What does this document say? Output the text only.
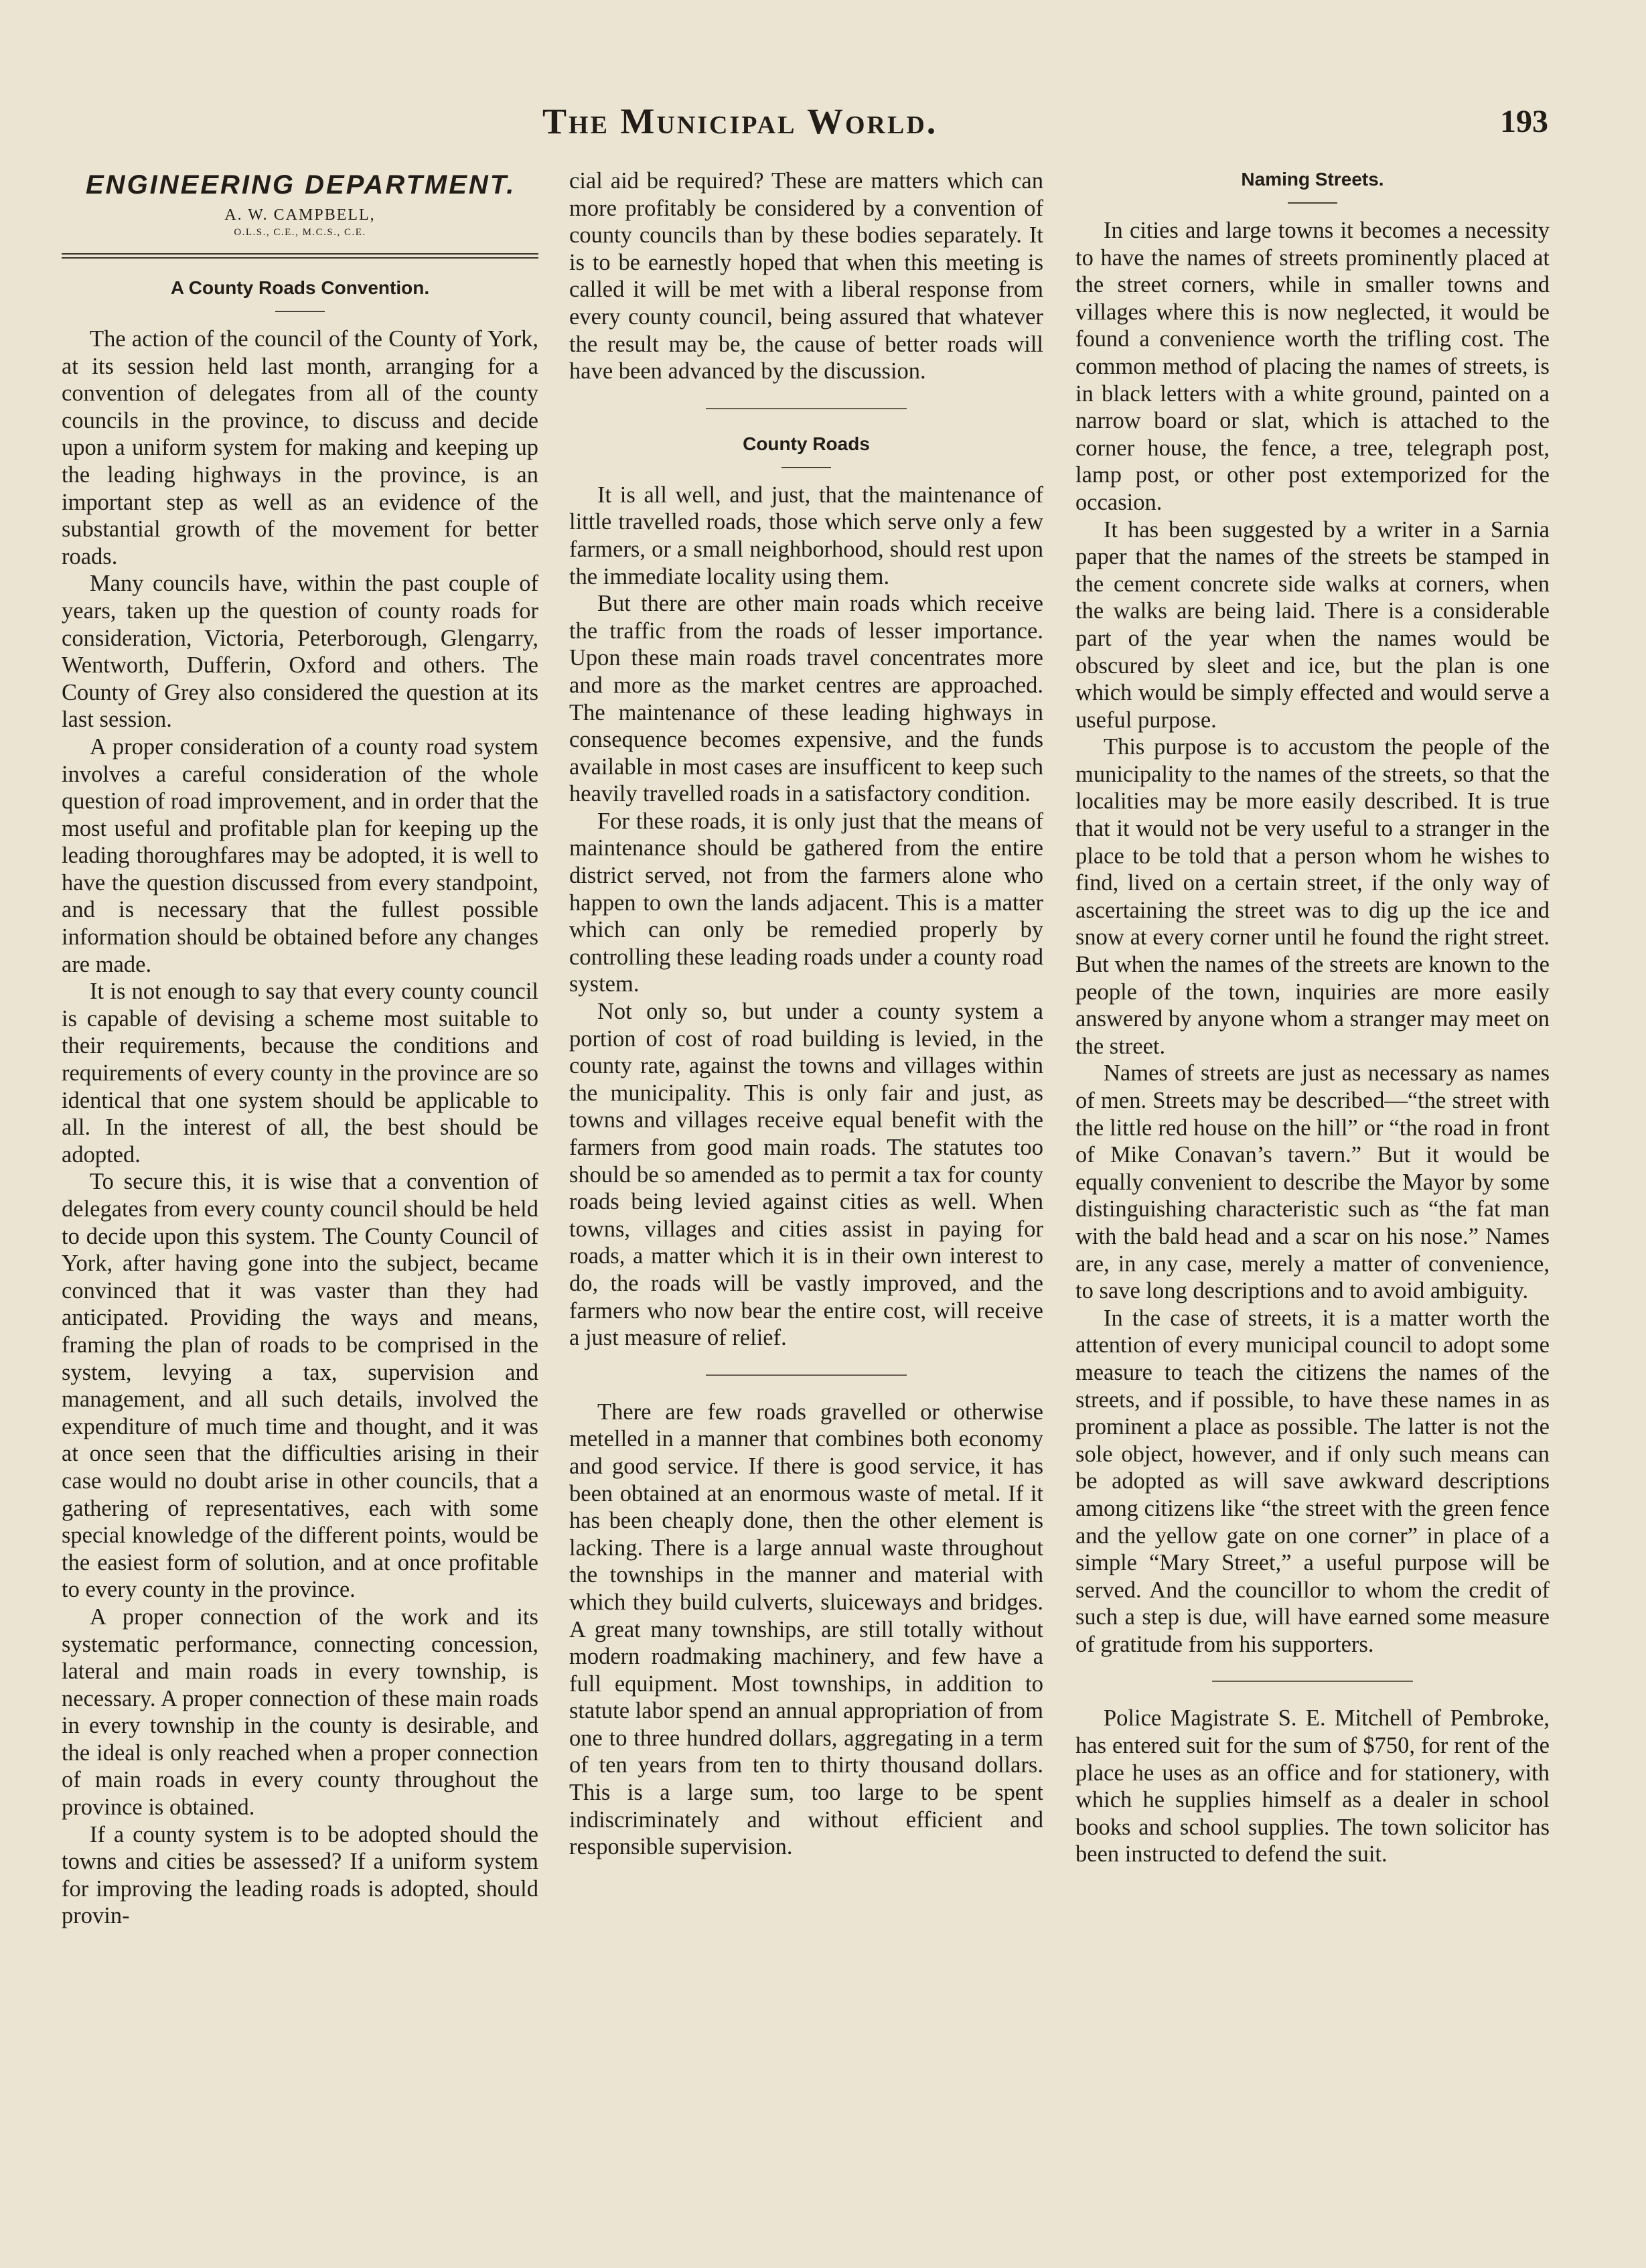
The Municipal World.	193
ENGINEERING DEPARTMENT.
A. W. CAMPBELL,
O.L.S., C.E., M.C.S., C.E.
A County Roads Convention.

The action of the council of the County of York, at its session held last month, arranging for a convention of delegates from all of the county councils in the province, to discuss and decide upon a uniform system for making and keeping up the leading highways in the province, is an important step as well as an evidence of the substantial growth of the movement for better roads.

Many councils have, within the past couple of years, taken up the question of county roads for consideration, Victoria, Peterborough, Glengarry, Wentworth, Dufferin, Oxford and others. The County of Grey also considered the question at its last session.

A proper consideration of a county road system involves a careful consideration of the whole question of road improvement, and in order that the most useful and profitable plan for keeping up the leading thoroughfares may be adopted, it is well to have the question discussed from every standpoint, and is necessary that the fullest possible information should be obtained before any changes are made.

It is not enough to say that every county council is capable of devising a scheme most suitable to their requirements, because the conditions and requirements of every county in the province are so identical that one system should be applicable to all. In the interest of all, the best should be adopted.

To secure this, it is wise that a convention of delegates from every county council should be held to decide upon this system. The County Council of York, after having gone into the subject, became convinced that it was vaster than they had anticipated. Providing the ways and means, framing the plan of roads to be comprised in the system, levying a tax, supervision and management, and all such details, involved the expenditure of much time and thought, and it was at once seen that the difficulties arising in their case would no doubt arise in other councils, that a gathering of representatives, each with some special knowledge of the different points, would be the easiest form of solution, and at once profitable to every county in the province.

A proper connection of the work and its systematic performance, connecting concession, lateral and main roads in every township, is necessary. A proper connection of these main roads in every township in the county is desirable, and the ideal is only reached when a proper connection of main roads in every county throughout the province is obtained.

If a county system is to be adopted should the towns and cities be assessed? If a uniform system for improving the leading roads is adopted, should provin-

cial aid be required? These are matters which can more profitably be considered by a convention of county councils than by these bodies separately. It is to be earnestly hoped that when this meeting is called it will be met with a liberal response from every county council, being assured that whatever the result may be, the cause of better roads will have been advanced by the discussion.

County Roads

It is all well, and just, that the maintenance of little travelled roads, those which serve only a few farmers, or a small neighborhood, should rest upon the immediate locality using them.

But there are other main roads which receive the traffic from the roads of lesser importance. Upon these main roads travel concentrates more and more as the market centres are approached. The maintenance of these leading highways in consequence becomes expensive, and the funds available in most cases are insufficent to keep such heavily travelled roads in a satisfactory condition.

For these roads, it is only just that the means of maintenance should be gathered from the entire district served, not from the farmers alone who happen to own the lands adjacent. This is a matter which can only be remedied properly by controlling these leading roads under a county road system.

Not only so, but under a county system a portion of cost of road building is levied, in the county rate, against the towns and villages within the municipality. This is only fair and just, as towns and villages receive equal benefit with the farmers from good main roads. The statutes too should be so amended as to permit a tax for county roads being levied against cities as well. When towns, villages and cities assist in paying for roads, a matter which it is in their own interest to do, the roads will be vastly improved, and the farmers who now bear the entire cost, will receive a just measure of relief.

There are few roads gravelled or otherwise metelled in a manner that combines both economy and good service. If there is good service, it has been obtained at an enormous waste of metal. If it has been cheaply done, then the other element is lacking. There is a large annual waste throughout the townships in the manner and material with which they build culverts, sluiceways and bridges. A great many townships, are still totally without modern roadmaking machinery, and few have a full equipment. Most townships, in addition to statute labor spend an annual appropriation of from one to three hundred dollars, aggregating in a term of ten years from ten to thirty thousand dollars. This is a large sum, too large to be spent indiscriminately and without efficient and responsible supervision.

Naming Streets.

In cities and large towns it becomes a necessity to have the names of streets prominently placed at the street corners, while in smaller towns and villages where this is now neglected, it would be found a convenience worth the trifling cost. The common method of placing the names of streets, is in black letters with a white ground, painted on a narrow board or slat, which is attached to the corner house, the fence, a tree, telegraph post, lamp post, or other post extemporized for the occasion.

It has been suggested by a writer in a Sarnia paper that the names of the streets be stamped in the cement concrete side walks at corners, when the walks are being laid. There is a considerable part of the year when the names would be obscured by sleet and ice, but the plan is one which would be simply effected and would serve a useful purpose.

This purpose is to accustom the people of the municipality to the names of the streets, so that the localities may be more easily described. It is true that it would not be very useful to a stranger in the place to be told that a person whom he wishes to find, lived on a certain street, if the only way of ascertaining the street was to dig up the ice and snow at every corner until he found the right street. But when the names of the streets are known to the people of the town, inquiries are more easily answered by anyone whom a stranger may meet on the street.

Names of streets are just as necessary as names of men. Streets may be described—“the street with the little red house on the hill” or “the road in front of Mike Conavan’s tavern.” But it would be equally convenient to describe the Mayor by some distinguishing characteristic such as “the fat man with the bald head and a scar on his nose.” Names are, in any case, merely a matter of convenience, to save long descriptions and to avoid ambiguity.

In the case of streets, it is a matter worth the attention of every municipal council to adopt some measure to teach the citizens the names of the streets, and if possible, to have these names in as prominent a place as possible. The latter is not the sole object, however, and if only such means can be adopted as will save awkward descriptions among citizens like “the street with the green fence and the yellow gate on one corner” in place of a simple “Mary Street,” a useful purpose will be served. And the councillor to whom the credit of such a step is due, will have earned some measure of gratitude from his supporters.

Police Magistrate S. E. Mitchell of Pembroke, has entered suit for the sum of $750, for rent of the place he uses as an office and for stationery, with which he supplies himself as a dealer in school books and school supplies. The town solicitor has been instructed to defend the suit.
